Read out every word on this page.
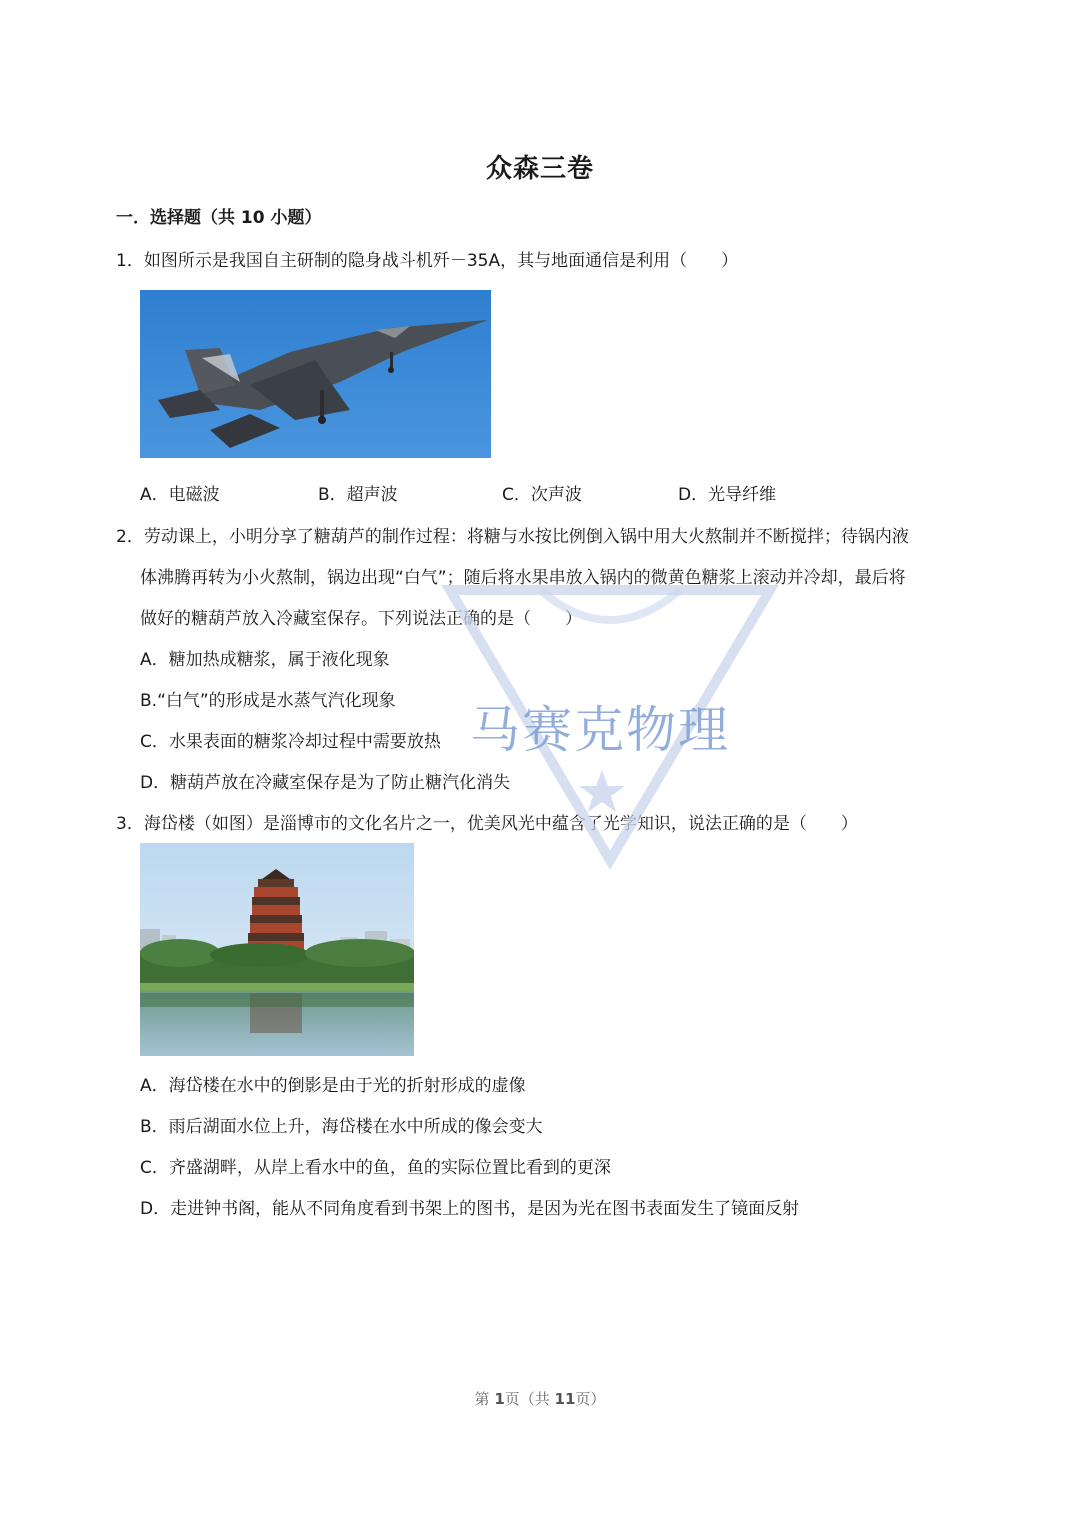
众森三卷
一．选择题（共 10 小题）
1．如图所示是我国自主研制的隐身战斗机歼－35A，其与地面通信是利用（　　）
A．电磁波	B．超声波	C．次声波	D．光导纤维
2．劳动课上，小明分享了糖葫芦的制作过程：将糖与水按比例倒入锅中用大火熬制并不断搅拌；待锅内液
体沸腾再转为小火熬制，锅边出现“白气”；随后将水果串放入锅内的微黄色糖浆上滚动并冷却，最后将
做好的糖葫芦放入冷藏室保存。下列说法正确的是（　　）
A．糖加热成糖浆，属于液化现象
B.“白气”的形成是水蒸气汽化现象
C．水果表面的糖浆冷却过程中需要放热
D．糖葫芦放在冷藏室保存是为了防止糖汽化消失
3．海岱楼（如图）是淄博市的文化名片之一，优美风光中蕴含了光学知识，说法正确的是（　　）
A．海岱楼在水中的倒影是由于光的折射形成的虚像
B．雨后湖面水位上升，海岱楼在水中所成的像会变大
C．齐盛湖畔，从岸上看水中的鱼，鱼的实际位置比看到的更深
D．走进钟书阁，能从不同角度看到书架上的图书，是因为光在图书表面发生了镜面反射
马赛克物理
第 1页（共 11页）
